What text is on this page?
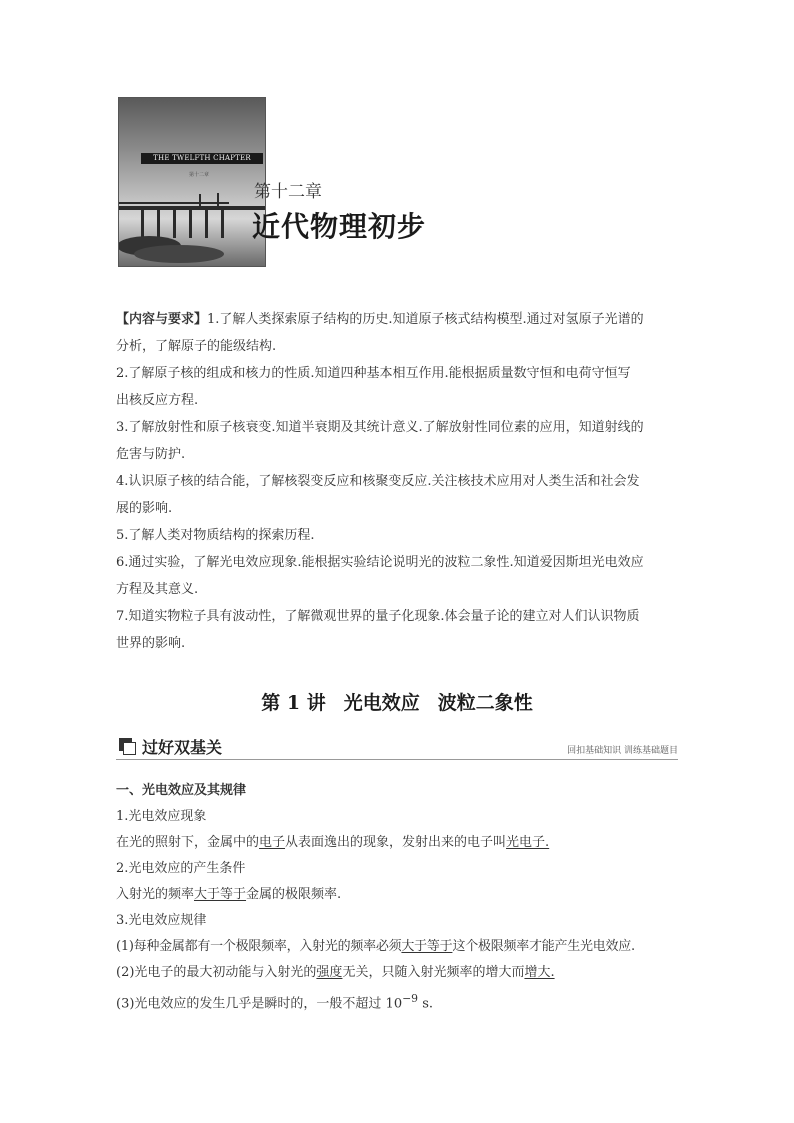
THE TWELFTH CHAPTER
第十二章
第十二章
近代物理初步

【内容与要求】1.了解人类探索原子结构的历史.知道原子核式结构模型.通过对氢原子光谱的

分析，了解原子的能级结构.

2.了解原子核的组成和核力的性质.知道四种基本相互作用.能根据质量数守恒和电荷守恒写

出核反应方程.

3.了解放射性和原子核衰变.知道半衰期及其统计意义.了解放射性同位素的应用，知道射线的

危害与防护.

4.认识原子核的结合能，了解核裂变反应和核聚变反应.关注核技术应用对人类生活和社会发

展的影响.

5.了解人类对物质结构的探索历程.

6.通过实验，了解光电效应现象.能根据实验结论说明光的波粒二象性.知道爱因斯坦光电效应

方程及其意义.

7.知道实物粒子具有波动性，了解微观世界的量子化现象.体会量子论的建立对人们认识物质

世界的影响.

第 1 讲 光电效应 波粒二象性
过好双基关	回扣基础知识 训练基础题目

一、光电效应及其规律

1.光电效应现象

在光的照射下，金属中的电子从表面逸出的现象，发射出来的电子叫光电子.

2.光电效应的产生条件

入射光的频率大于等于金属的极限频率.

3.光电效应规律

(1)每种金属都有一个极限频率，入射光的频率必须大于等于这个极限频率才能产生光电效应.

(2)光电子的最大初动能与入射光的强度无关，只随入射光频率的增大而增大.

(3)光电效应的发生几乎是瞬时的，一般不超过 $10^{-9}$ s.
